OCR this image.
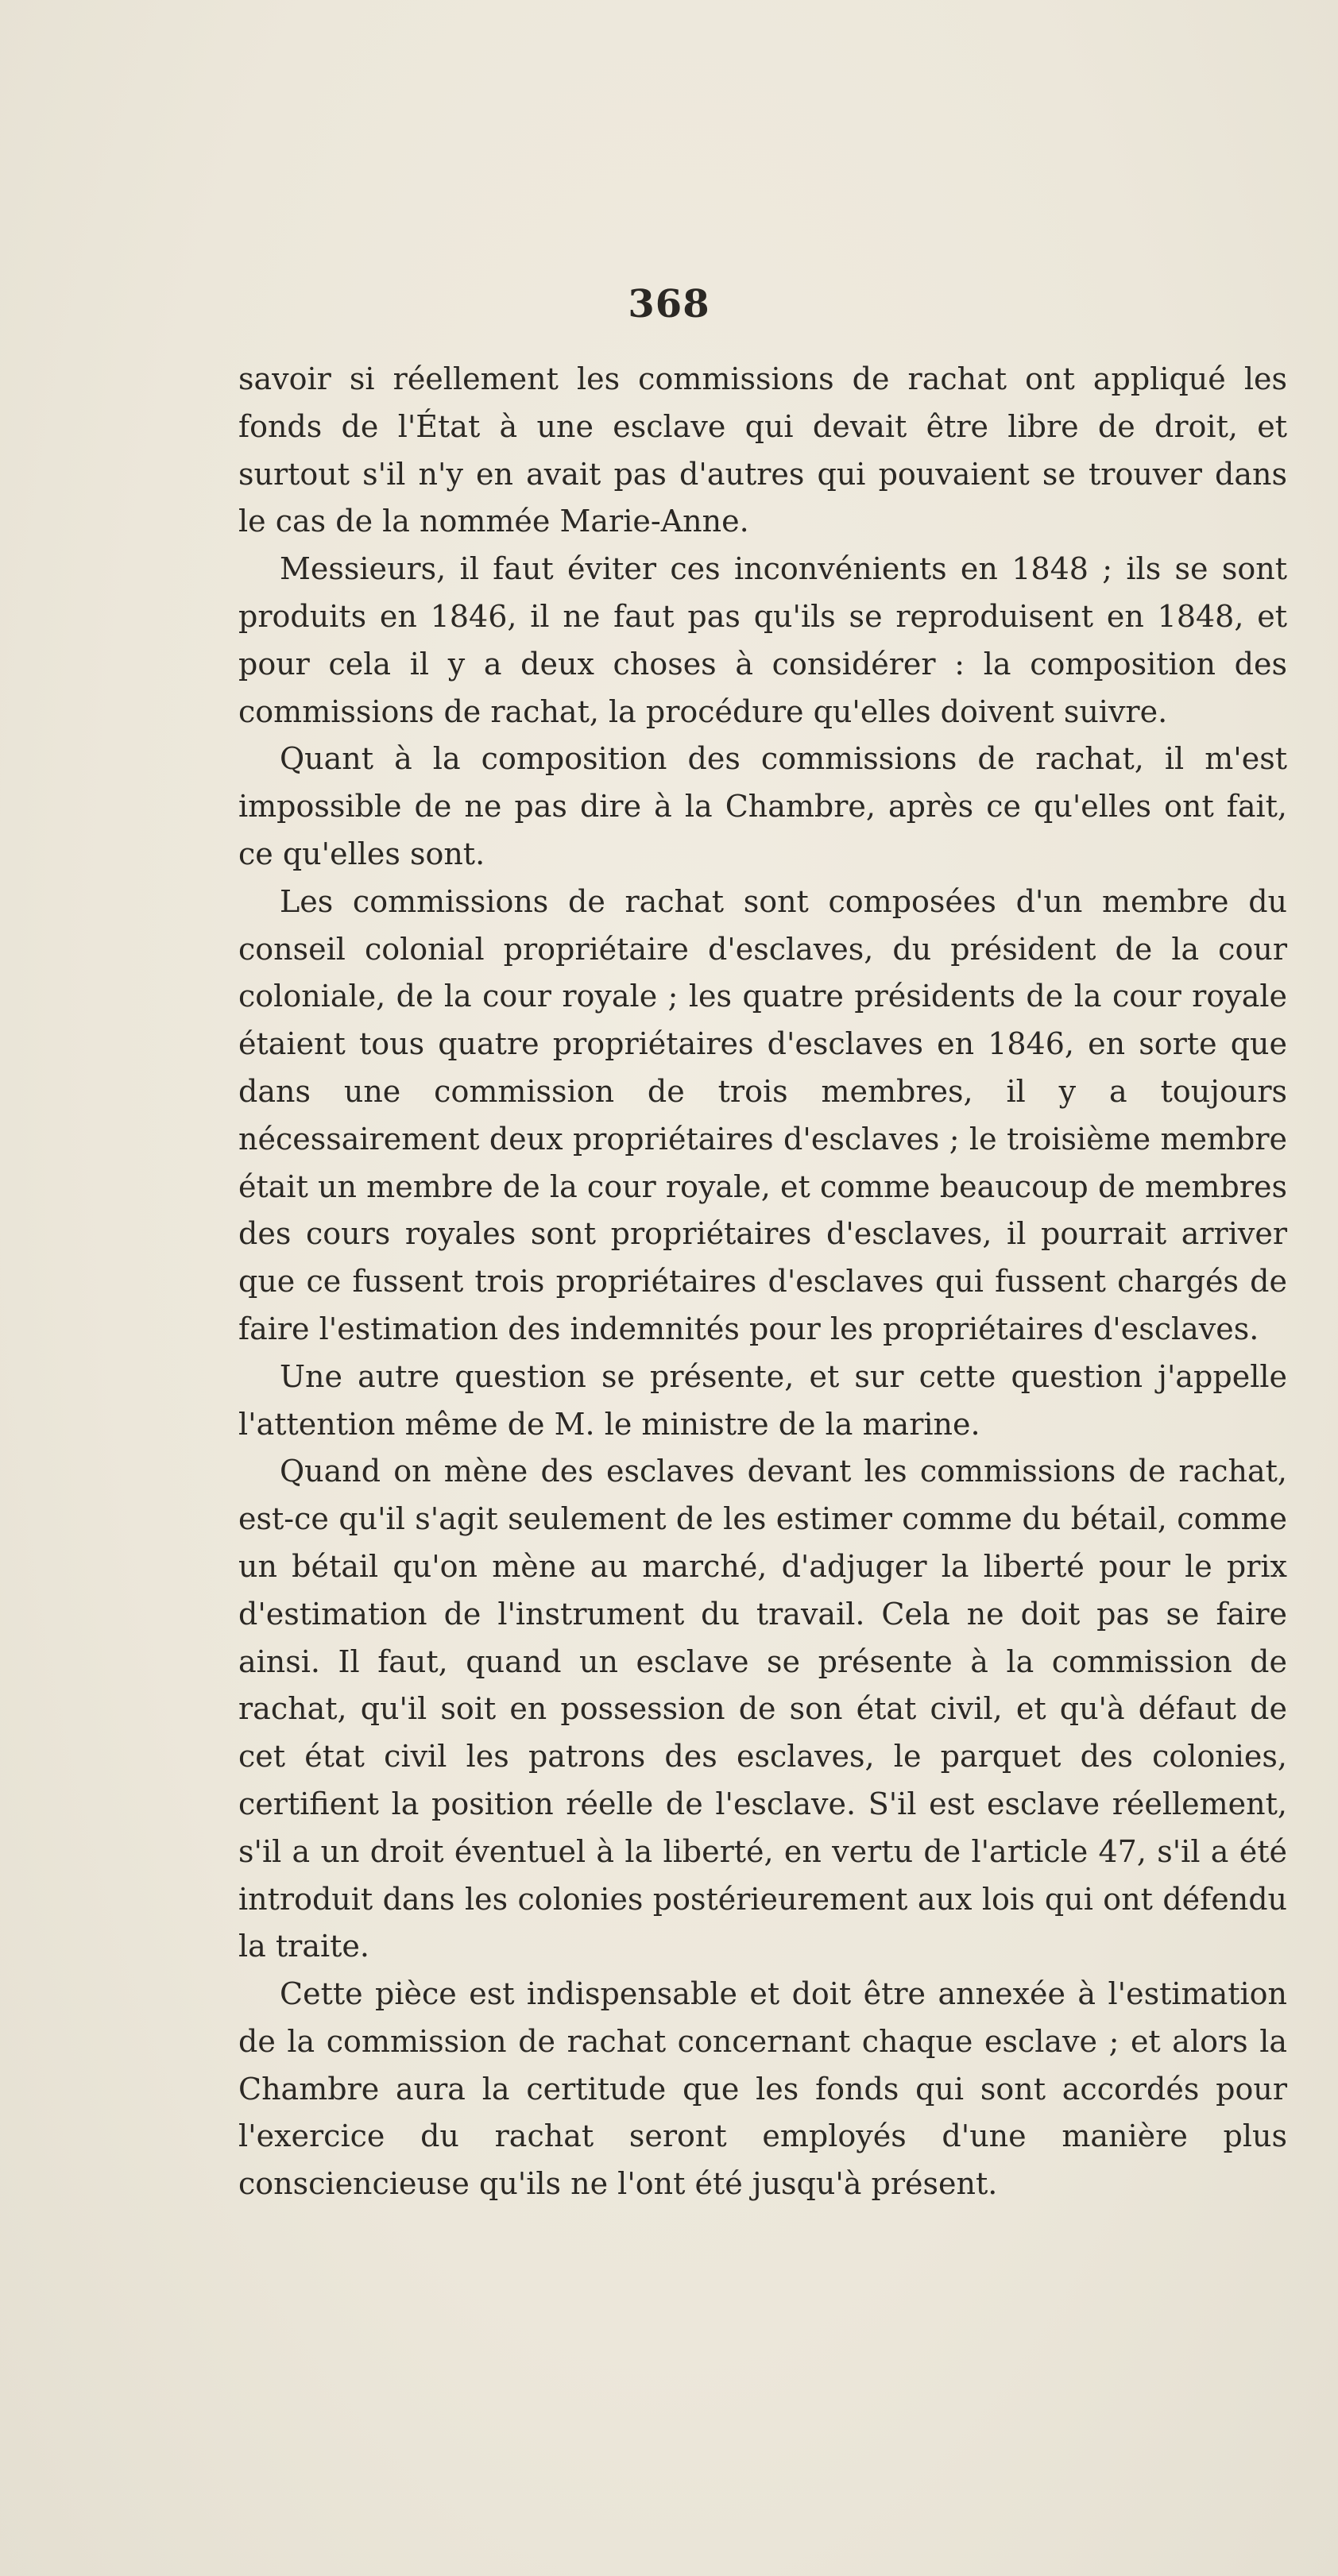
368

savoir si réellement les commissions de rachat ont appliqué les fonds de l'État à une esclave qui devait être libre de droit, et surtout s'il n'y en avait pas d'autres qui pouvaient se trouver dans le cas de la nommée Marie-Anne.

Messieurs, il faut éviter ces inconvénients en 1848 ; ils se sont produits en 1846, il ne faut pas qu'ils se reproduisent en 1848, et pour cela il y a deux choses à considérer : la composition des commissions de rachat, la procédure qu'elles doivent suivre.

Quant à la composition des commissions de rachat, il m'est impossible de ne pas dire à la Chambre, après ce qu'elles ont fait, ce qu'elles sont.

Les commissions de rachat sont composées d'un membre du conseil colonial propriétaire d'esclaves, du président de la cour coloniale, de la cour royale ; les quatre présidents de la cour royale étaient tous quatre propriétaires d'esclaves en 1846, en sorte que dans une commission de trois membres, il y a toujours nécessairement deux propriétaires d'esclaves ; le troisième membre était un membre de la cour royale, et comme beaucoup de membres des cours royales sont propriétaires d'esclaves, il pourrait arriver que ce fussent trois propriétaires d'esclaves qui fussent chargés de faire l'estimation des indemnités pour les propriétaires d'esclaves.

Une autre question se présente, et sur cette question j'appelle l'attention même de M. le ministre de la marine.

Quand on mène des esclaves devant les commissions de rachat, est-ce qu'il s'agit seulement de les estimer comme du bétail, comme un bétail qu'on mène au marché, d'adjuger la liberté pour le prix d'estimation de l'instrument du travail. Cela ne doit pas se faire ainsi. Il faut, quand un esclave se présente à la commission de rachat, qu'il soit en possession de son état civil, et qu'à défaut de cet état civil les patrons des esclaves, le parquet des colonies, certifient la position réelle de l'esclave. S'il est esclave réellement, s'il a un droit éventuel à la liberté, en vertu de l'article 47, s'il a été introduit dans les colonies postérieurement aux lois qui ont défendu la traite.

Cette pièce est indispensable et doit être annexée à l'estimation de la commission de rachat concernant chaque esclave ; et alors la Chambre aura la certitude que les fonds qui sont accordés pour l'exercice du rachat seront employés d'une manière plus consciencieuse qu'ils ne l'ont été jusqu'à présent.
